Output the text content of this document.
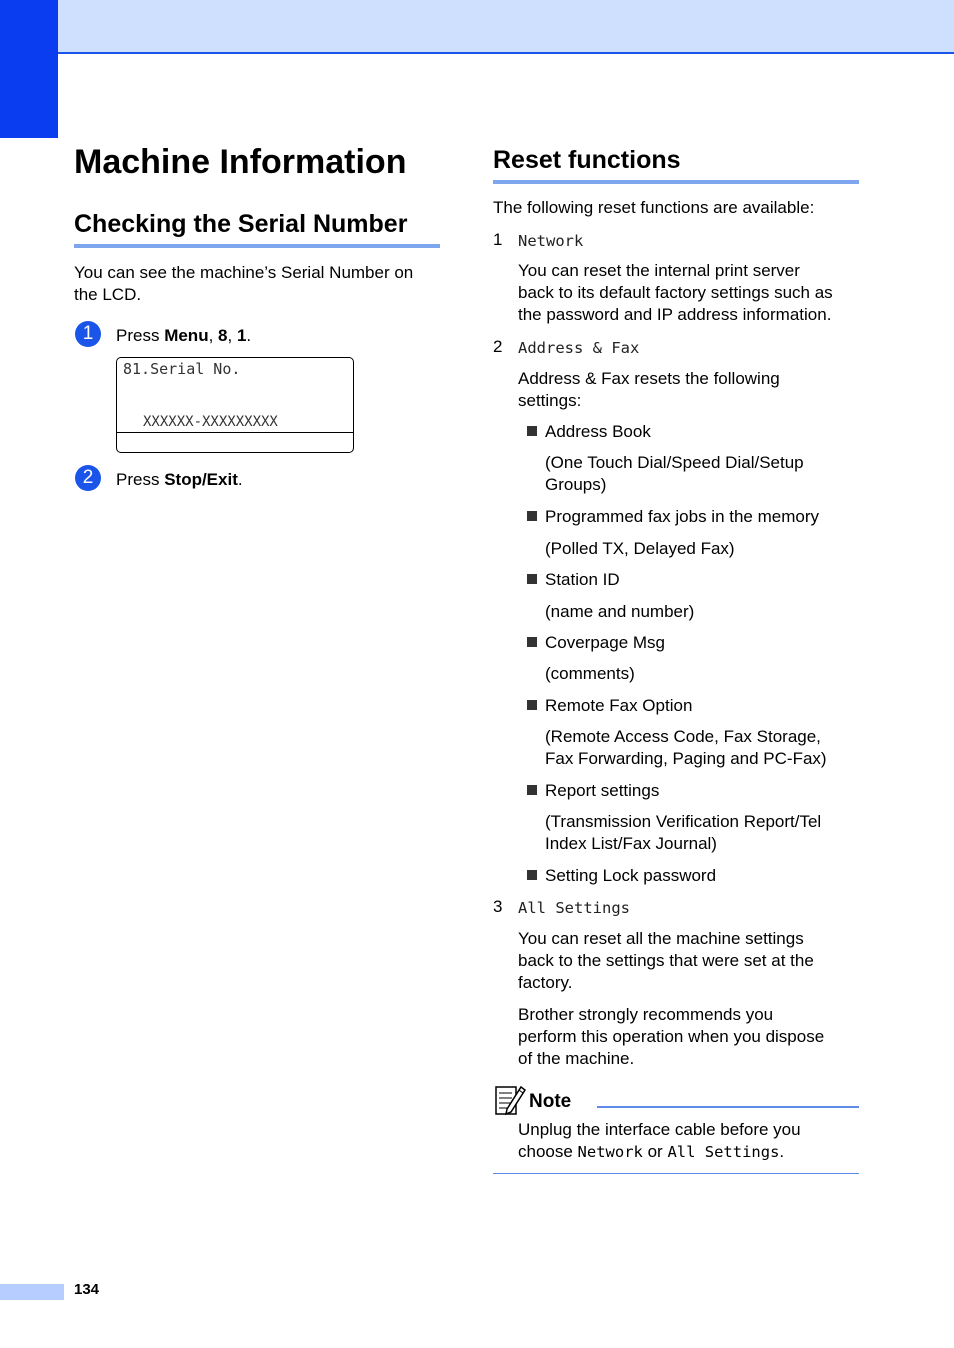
Machine Information
Checking the Serial Number
You can see the machine’s Serial Number on
the LCD.
1	Press Menu, 8, 1.
81.Serial No.
XXXXXX-XXXXXXXXX
2	Press Stop/Exit.
Reset functions
The following reset functions are available:
1 Network
You can reset the internal print server
back to its default factory settings such as
the password and IP address information.
2 Address & Fax
Address & Fax resets the following
settings:
Address Book
(One Touch Dial/Speed Dial/Setup
Groups)
Programmed fax jobs in the memory
(Polled TX, Delayed Fax)
Station ID
(name and number)
Coverpage Msg
(comments)
Remote Fax Option
(Remote Access Code, Fax Storage,
Fax Forwarding, Paging and PC-Fax)
Report settings
(Transmission Verification Report/Tel
Index List/Fax Journal)
Setting Lock password
3 All Settings
You can reset all the machine settings
back to the settings that were set at the
factory.
Brother strongly recommends you
perform this operation when you dispose
of the machine.
Note
Unplug the interface cable before you
choose Network or All Settings.
134
